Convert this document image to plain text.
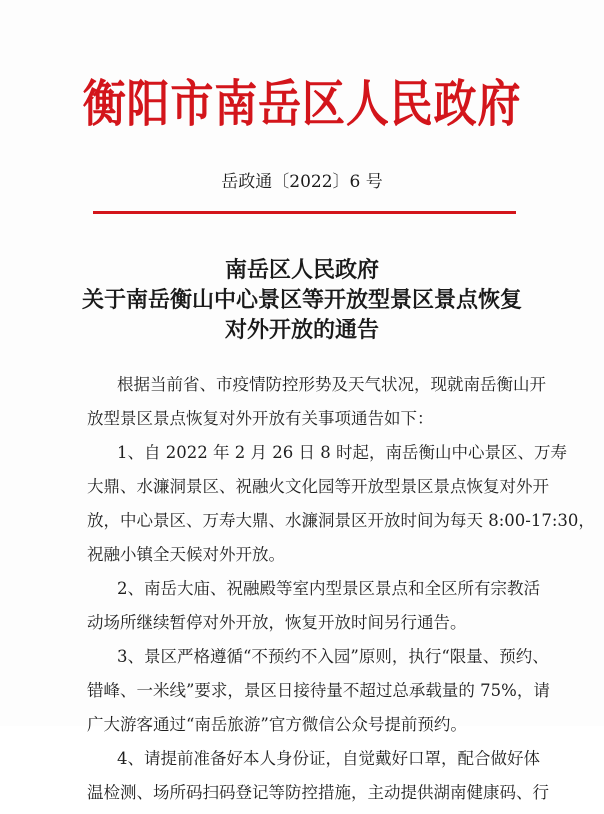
衡阳市南岳区人民政府
岳政通〔2022〕6 号
南岳区人民政府
关于南岳衡山中心景区等开放型景区景点恢复
对外开放的通告
根据当前省、市疫情防控形势及天气状况，现就南岳衡山开
放型景区景点恢复对外开放有关事项通告如下：
1、自 2022 年 2 月 26 日 8 时起，南岳衡山中心景区、万寿
大鼎、水濂洞景区、祝融火文化园等开放型景区景点恢复对外开
放，中心景区、万寿大鼎、水濂洞景区开放时间为每天 8:00-17:30，
祝融小镇全天候对外开放。
2、南岳大庙、祝融殿等室内型景区景点和全区所有宗教活
动场所继续暂停对外开放，恢复开放时间另行通告。
3、景区严格遵循“不预约不入园”原则，执行“限量、预约、
错峰、一米线”要求，景区日接待量不超过总承载量的 75%，请
广大游客通过“南岳旅游”官方微信公众号提前预约。
4、请提前准备好本人身份证，自觉戴好口罩，配合做好体
温检测、场所码扫码登记等防控措施，主动提供湖南健康码、行
